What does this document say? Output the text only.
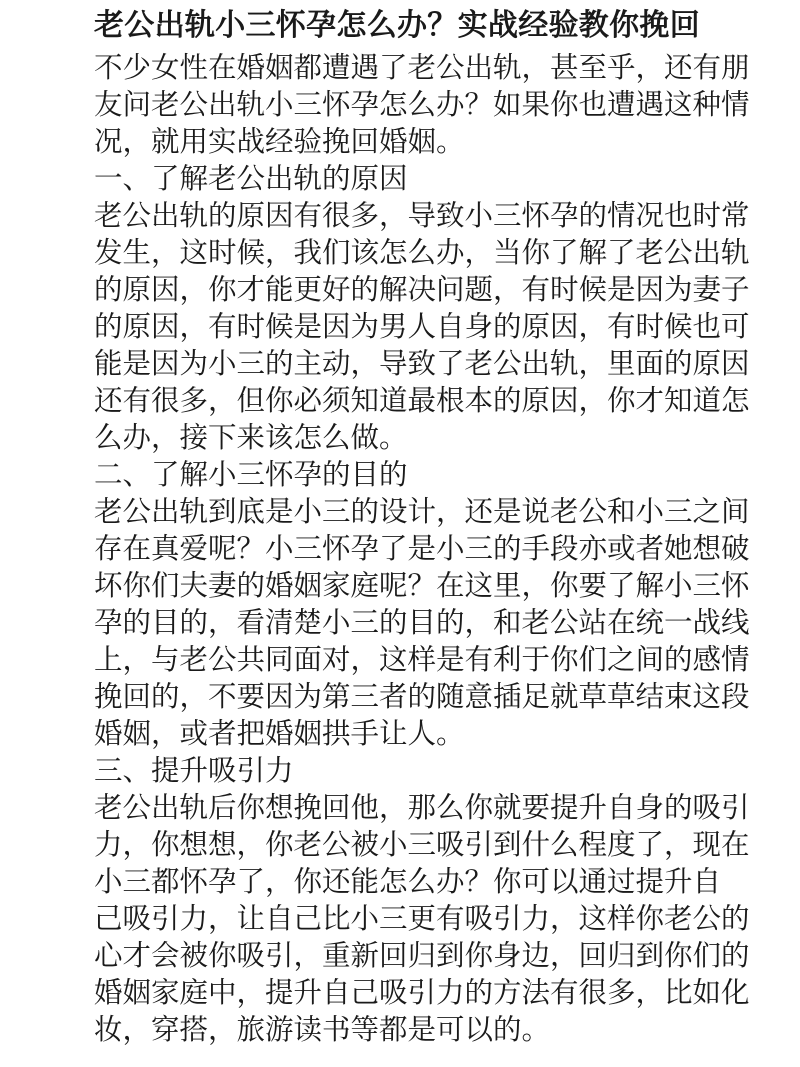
老公出轨小三怀孕怎么办？实战经验教你挽回

不少女性在婚姻都遭遇了老公出轨，甚至乎，还有朋

友问老公出轨小三怀孕怎么办？如果你也遭遇这种情

况，就用实战经验挽回婚姻。

一、了解老公出轨的原因

老公出轨的原因有很多，导致小三怀孕的情况也时常

发生，这时候，我们该怎么办，当你了解了老公出轨

的原因，你才能更好的解决问题，有时候是因为妻子

的原因，有时候是因为男人自身的原因，有时候也可

能是因为小三的主动，导致了老公出轨，里面的原因

还有很多，但你必须知道最根本的原因，你才知道怎

么办，接下来该怎么做。

二、了解小三怀孕的目的

老公出轨到底是小三的设计，还是说老公和小三之间

存在真爱呢？小三怀孕了是小三的手段亦或者她想破

坏你们夫妻的婚姻家庭呢？在这里，你要了解小三怀

孕的目的，看清楚小三的目的，和老公站在统一战线

上，与老公共同面对，这样是有利于你们之间的感情

挽回的，不要因为第三者的随意插足就草草结束这段

婚姻，或者把婚姻拱手让人。

三、提升吸引力

老公出轨后你想挽回他，那么你就要提升自身的吸引

力，你想想，你老公被小三吸引到什么程度了，现在

小三都怀孕了，你还能怎么办？你可以通过提升自

己吸引力，让自己比小三更有吸引力，这样你老公的

心才会被你吸引，重新回归到你身边，回归到你们的

婚姻家庭中，提升自己吸引力的方法有很多，比如化

妆，穿搭，旅游读书等都是可以的。
